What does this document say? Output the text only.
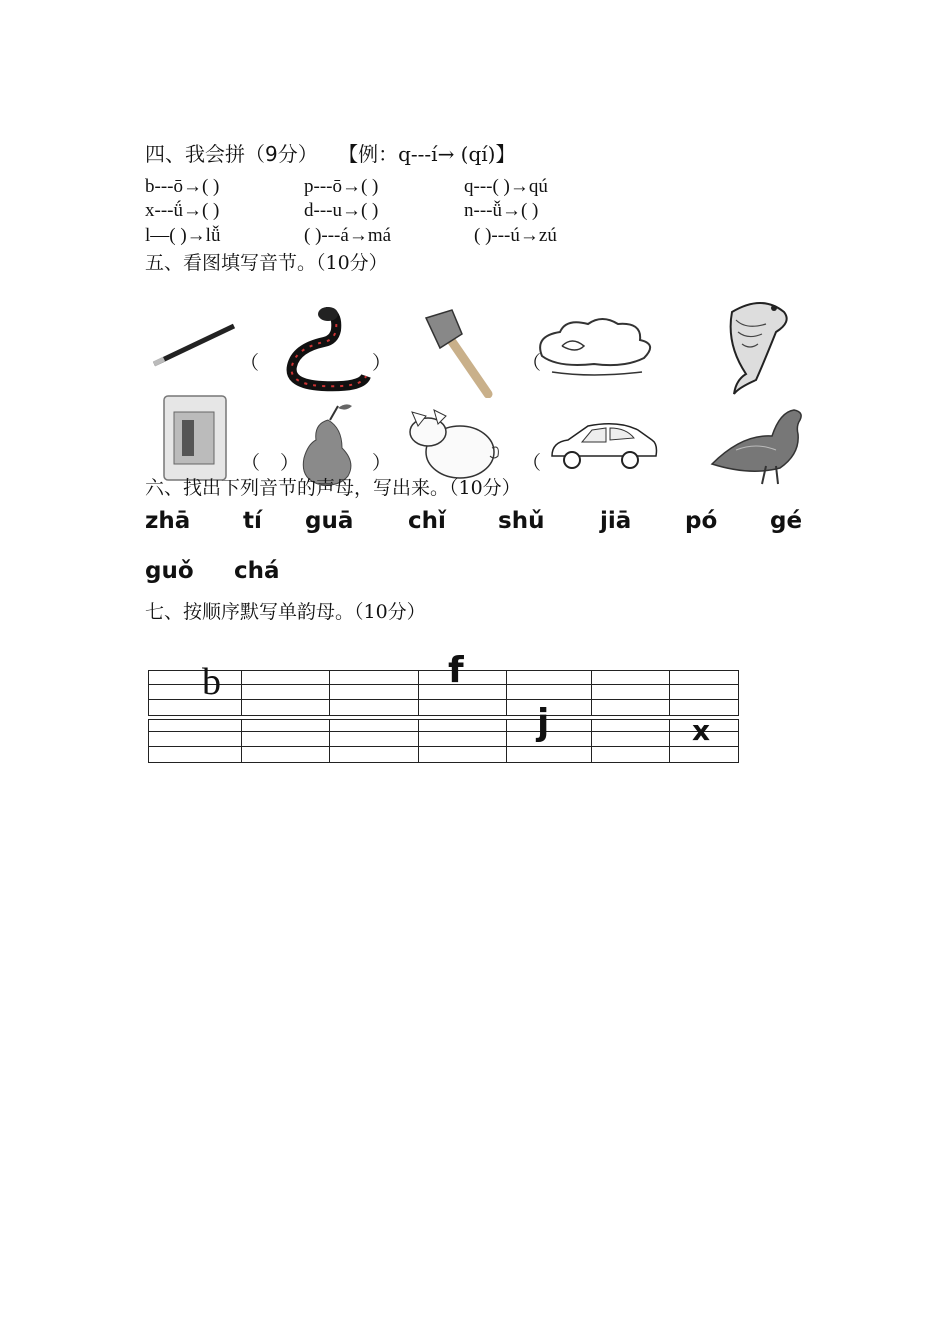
四、我会拼（9分） 【例：q---í→ (qí)】
b---ō→( )	p---ō→( )	q---( )→qú
x---ǘ→( )	d---u→( )	n---ǚ→( )
l—( )→lǚ	( )---á→má	( )---ú→zú
五、看图填写音节。（10分）
（	）	（
（ ）	）	（
六、找出下列音节的声母，写出来。（10分）
zhā tí guā chǐ shǔ jiā pó gé
guǒ chá
七、按顺序默写单韵母。（10分）

b	f
j	x
